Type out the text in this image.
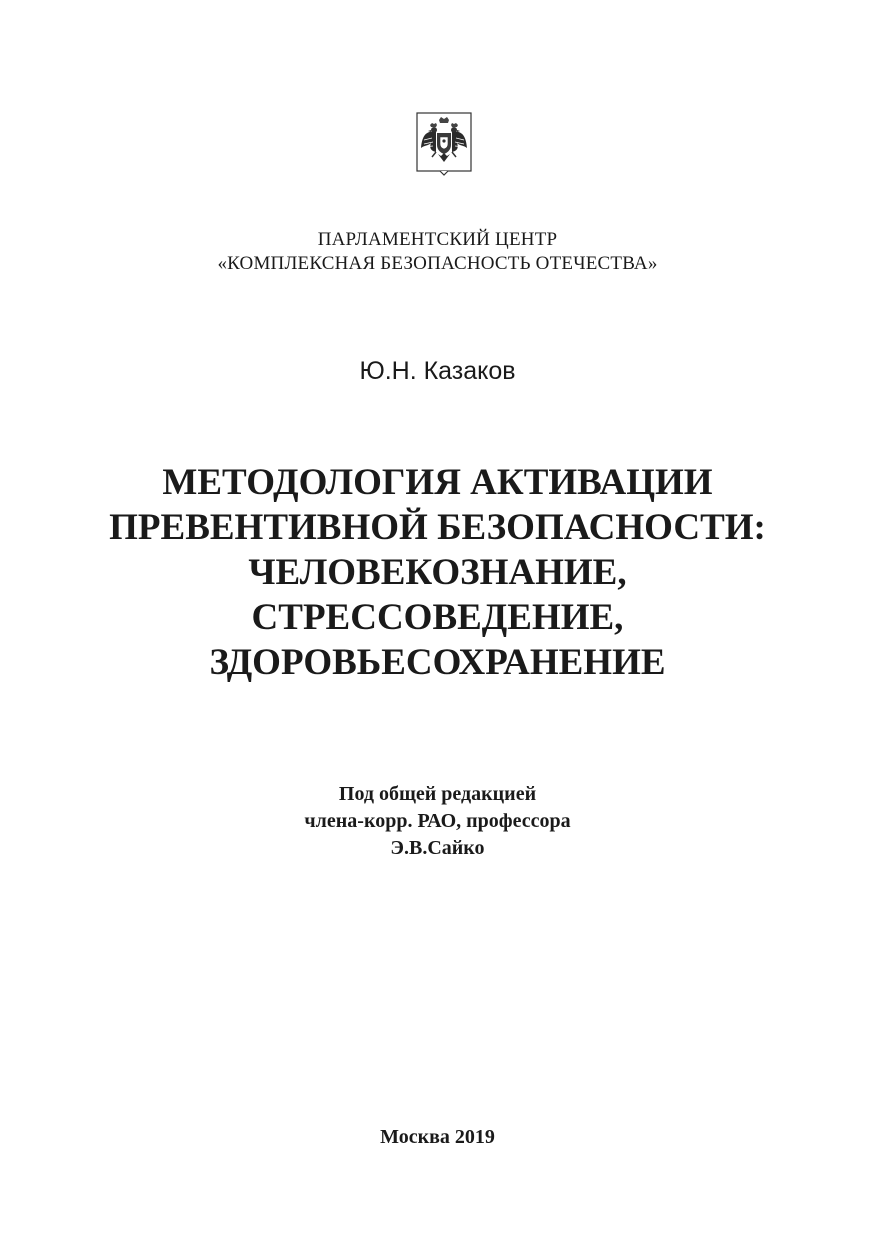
ПАРЛАМЕНТСКИЙ ЦЕНТР
«КОМПЛЕКСНАЯ БЕЗОПАСНОСТЬ ОТЕЧЕСТВА»
Ю.Н. Казаков
МЕТОДОЛОГИЯ АКТИВАЦИИ
ПРЕВЕНТИВНОЙ БЕЗОПАСНОСТИ:
ЧЕЛОВЕКОЗНАНИЕ,
СТРЕССОВЕДЕНИЕ,
ЗДОРОВЬЕСОХРАНЕНИЕ
Под общей редакцией
члена-корр. РАО, профессора
Э.В.Сайко
Москва 2019
